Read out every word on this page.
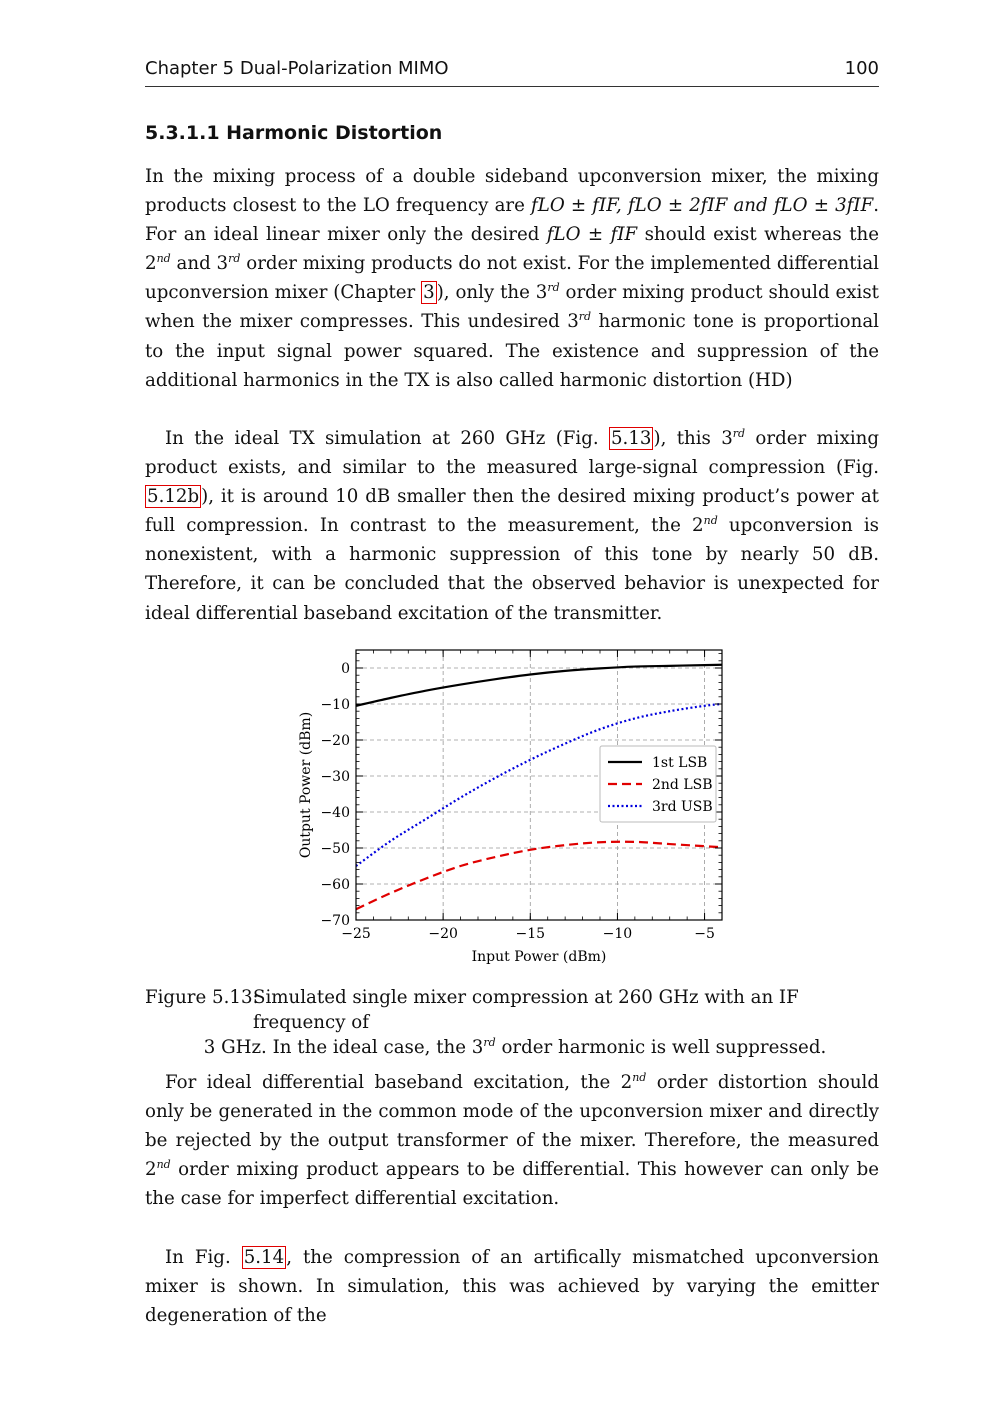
Chapter 5 Dual-Polarization MIMO	100
5.3.1.1 Harmonic Distortion

In the mixing process of a double sideband upconversion mixer, the mixing products closest to the LO frequency are fLO ± fIF, fLO ± 2fIF and fLO ± 3fIF. For an ideal linear mixer only the desired fLO ± fIF should exist whereas the 2nd and 3rd order mixing products do not exist. For the implemented differential upconversion mixer (Chapter 3 ), only the 3rd order mixing product should exist when the mixer compresses. This undesired 3rd harmonic tone is proportional to the input signal power squared. The existence and suppression of the additional harmonics in the TX is also called harmonic distortion (HD)

In the ideal TX simulation at 260 GHz (Fig. 5.13 ), this 3rd order mixing product exists, and similar to the measured large-signal compression (Fig. 5.12b ), it is around 10 dB smaller then the desired mixing product’s power at full compression. In contrast to the measurement, the 2nd upconversion is nonexistent, with a harmonic suppression of this tone by nearly 50 dB. Therefore, it can be concluded that the observed behavior is unexpected for ideal differential baseband excitation of the transmitter.

−25	−20	−15	−10	−5
0
−10
−20
−30
−40
−50
−60
−70
1st LSB
2nd LSB
3rd USB
Input Power (dBm)
Output Power (dBm)
Figure 5.13:
Simulated single mixer compression at 260 GHz with an IF frequency of
3 GHz. In the ideal case, the 3rd order harmonic is well suppressed.

For ideal differential baseband excitation, the 2nd order distortion should only be generated in the common mode of the upconversion mixer and directly be rejected by the output transformer of the mixer. Therefore, the measured 2nd order mixing product appears to be differential. This however can only be the case for imperfect differential excitation.

In Fig. 5.14 , the compression of an artifically mismatched upconversion mixer is shown. In simulation, this was achieved by varying the emitter degeneration of the
